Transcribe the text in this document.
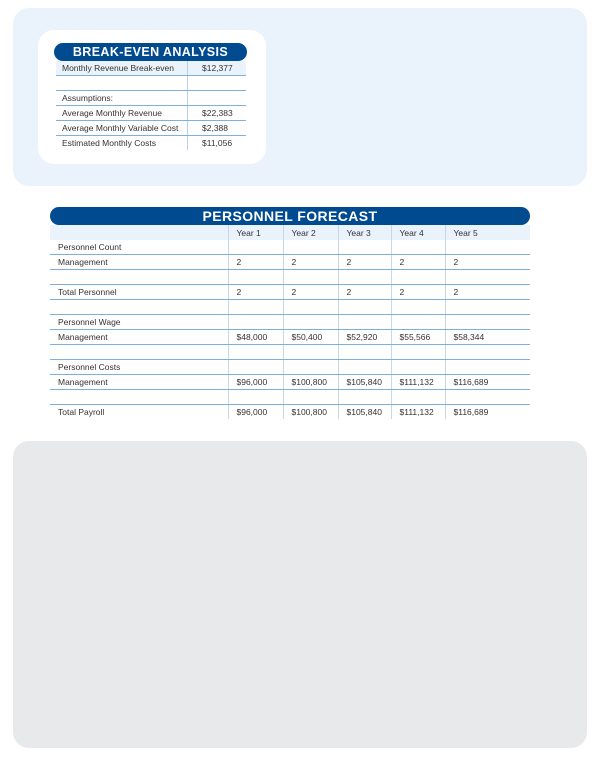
BREAK-EVEN ANALYSIS
Monthly Revenue Break-even	$12,377

Assumptions:	
Average Monthly Revenue	$22,383
Average Monthly Variable Cost	$2,388
Estimated Monthly Costs	$11,056
PERSONNEL FORECAST
	Year 1	Year 2	Year 3	Year 4	Year 5
Personnel Count					
Management	2	2	2	2	2

Total Personnel	2	2	2	2	2

Personnel Wage					
Management	$48,000	$50,400	$52,920	$55,566	$58,344

Personnel Costs					
Management	$96,000	$100,800	$105,840	$111,132	$116,689

Total Payroll	$96,000	$100,800	$105,840	$111,132	$116,689
